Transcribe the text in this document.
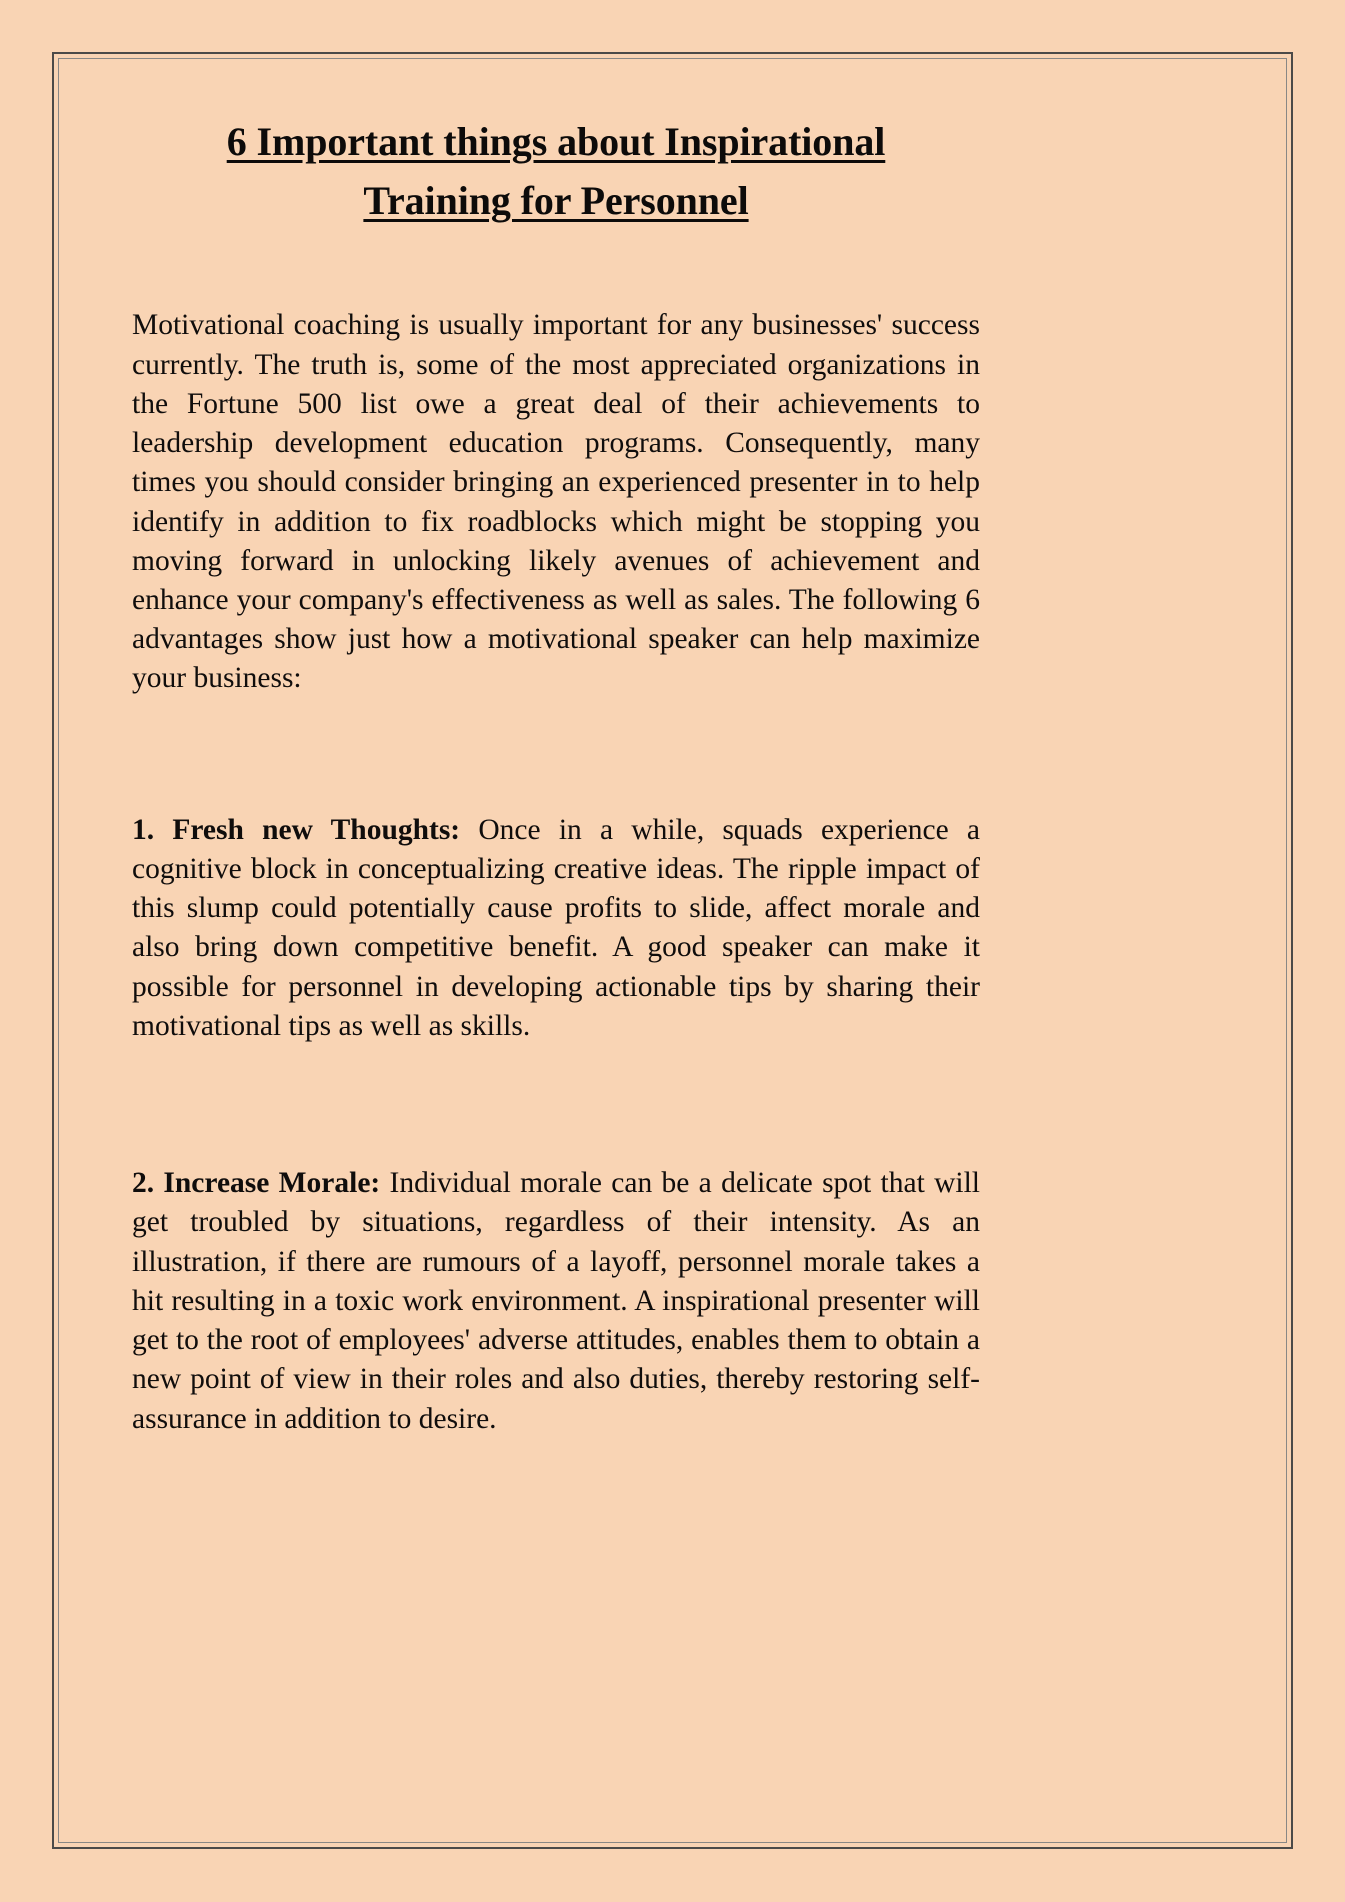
6 Important things about Inspirational
Training for Personnel

Motivational coaching is usually important for any businesses' success currently. The truth is, some of the most appreciated organizations in the Fortune 500 list owe a great deal of their achievements to leadership development education programs. Consequently, many times you should consider bringing an experienced presenter in to help identify in addition to fix roadblocks which might be stopping you moving forward in unlocking likely avenues of achievement and enhance your company's effectiveness as well as sales. The following 6 advantages show just how a motivational speaker can help maximize your business:

1. Fresh new Thoughts: Once in a while, squads experience a cognitive block in conceptualizing creative ideas. The ripple impact of this slump could potentially cause profits to slide, affect morale and also bring down competitive benefit. A good speaker can make it possible for personnel in developing actionable tips by sharing their motivational tips as well as skills.

2. Increase Morale: Individual morale can be a delicate spot that will get troubled by situations, regardless of their intensity. As an illustration, if there are rumours of a layoff, personnel morale takes a hit resulting in a toxic work environment. A inspirational presenter will get to the root of employees' adverse attitudes, enables them to obtain a new point of view in their roles and also duties, thereby restoring self-assurance in addition to desire.
